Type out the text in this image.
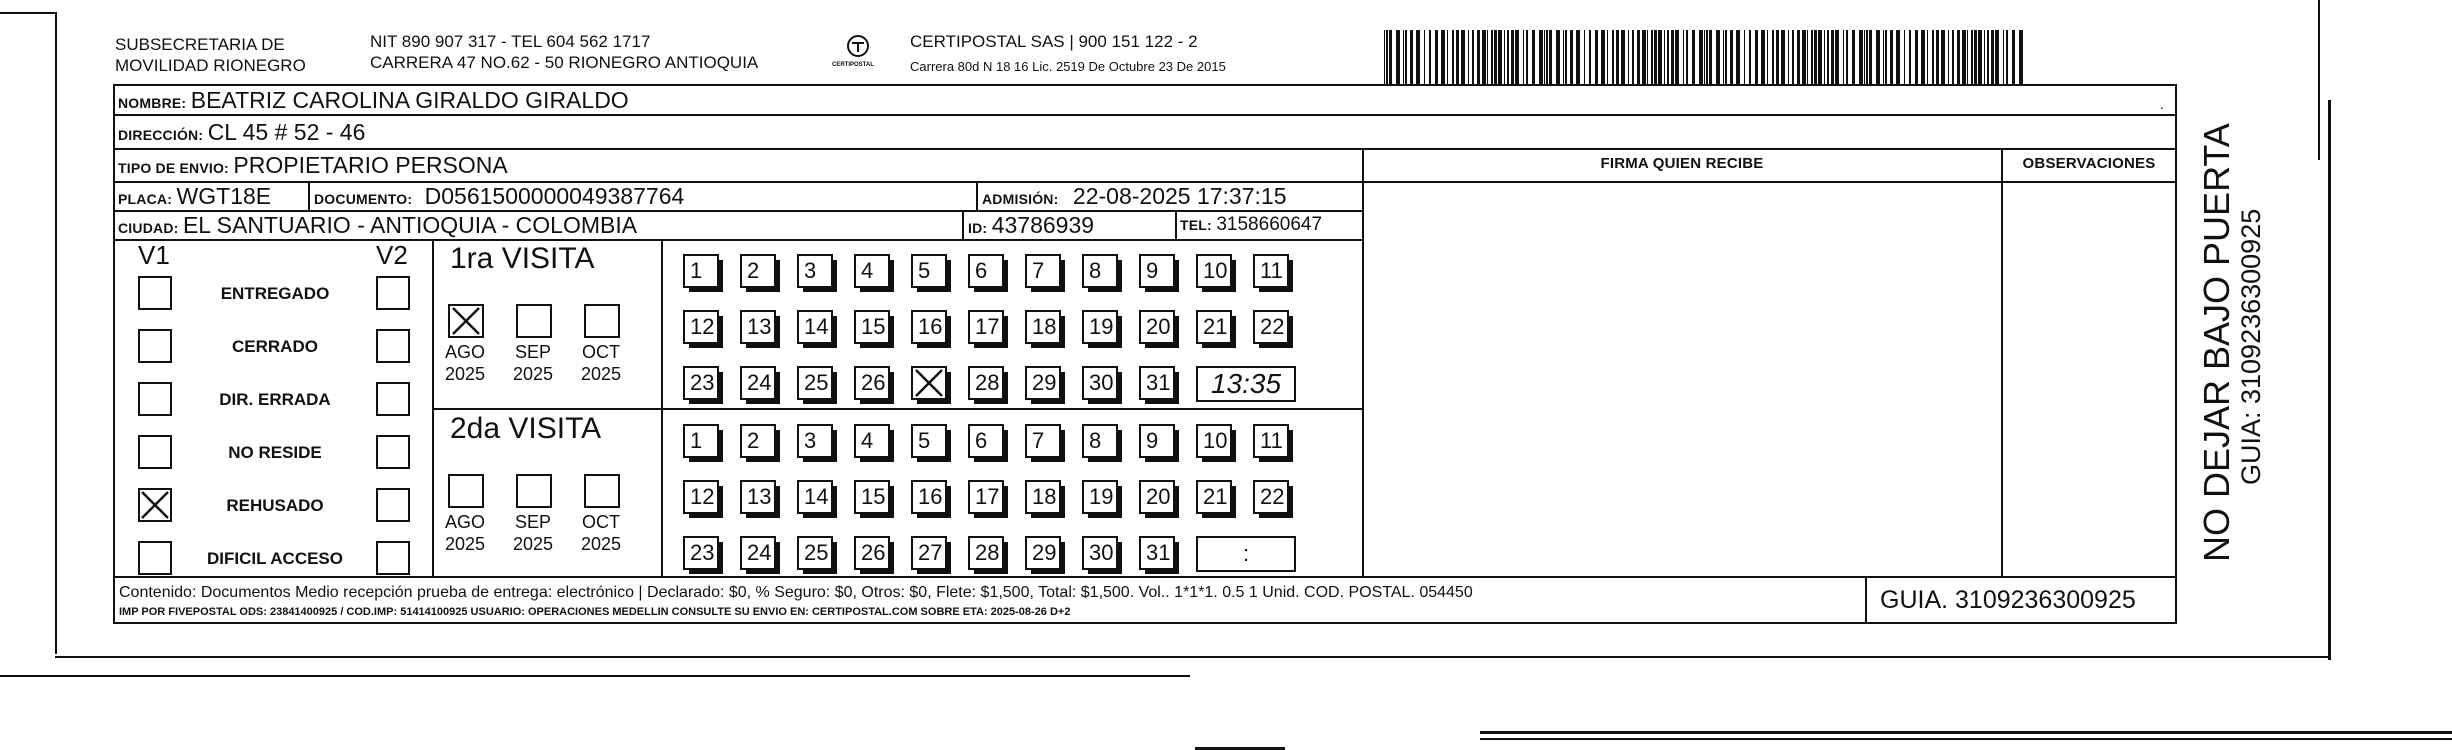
SUBSECRETARIA DE
MOVILIDAD RIONEGRO
NIT 890 907 317 - TEL 604 562 1717
CARRERA 47 NO.62 - 50 RIONEGRO ANTIOQUIA	CERTIPOSTAL
CERTIPOSTAL SAS | 900 151 122 - 2
Carrera 80d N 18 16 Lic. 2519 De Octubre 23 De 2015
NOMBRE: BEATRIZ CAROLINA GIRALDO GIRALDO	.
DIRECCIÓN: CL 45 # 52 - 46
TIPO DE ENVIO: PROPIETARIO PERSONA	FIRMA QUIEN RECIBE	OBSERVACIONES
PLACA: WGT18E	DOCUMENTO: D0561500000049387764	ADMISIÓN: 22-08-2025 17:37:15
CIUDAD: EL SANTUARIO - ANTIOQUIA - COLOMBIA	ID: 43786939	TEL: 3158660647
V1	V2
ENTREGADO
CERRADO
DIR. ERRADA
NO RESIDE
REHUSADO
DIFICIL ACCESO
1ra VISITA
AGO
2025
SEP
2025
OCT
2025
1	2	3	4	5	6	7	8	9	10	11
12	13	14	15	16	17	18	19	20	21	22
23	24	25	26	28	29	30	31	13:35
2da VISITA
AGO
2025
SEP
2025
OCT
2025
1	2	3	4	5	6	7	8	9	10	11
12	13	14	15	16	17	18	19	20	21	22
23	24	25	26	27	28	29	30	31	:	NO DEJAR BAJO PUERTA GUIA: 3109236300925
Contenido: Documentos Medio recepción prueba de entrega: electrónico | Declarado: $0, % Seguro: $0, Otros: $0, Flete: $1,500, Total: $1,500. Vol.. 1*1*1. 0.5 1 Unid. COD. POSTAL. 054450
IMP POR FIVEPOSTAL ODS: 23841400925 / COD.IMP: 51414100925 USUARIO: OPERACIONES MEDELLIN CONSULTE SU ENVIO EN: CERTIPOSTAL.COM SOBRE ETA: 2025-08-26 D+2	GUIA. 3109236300925
